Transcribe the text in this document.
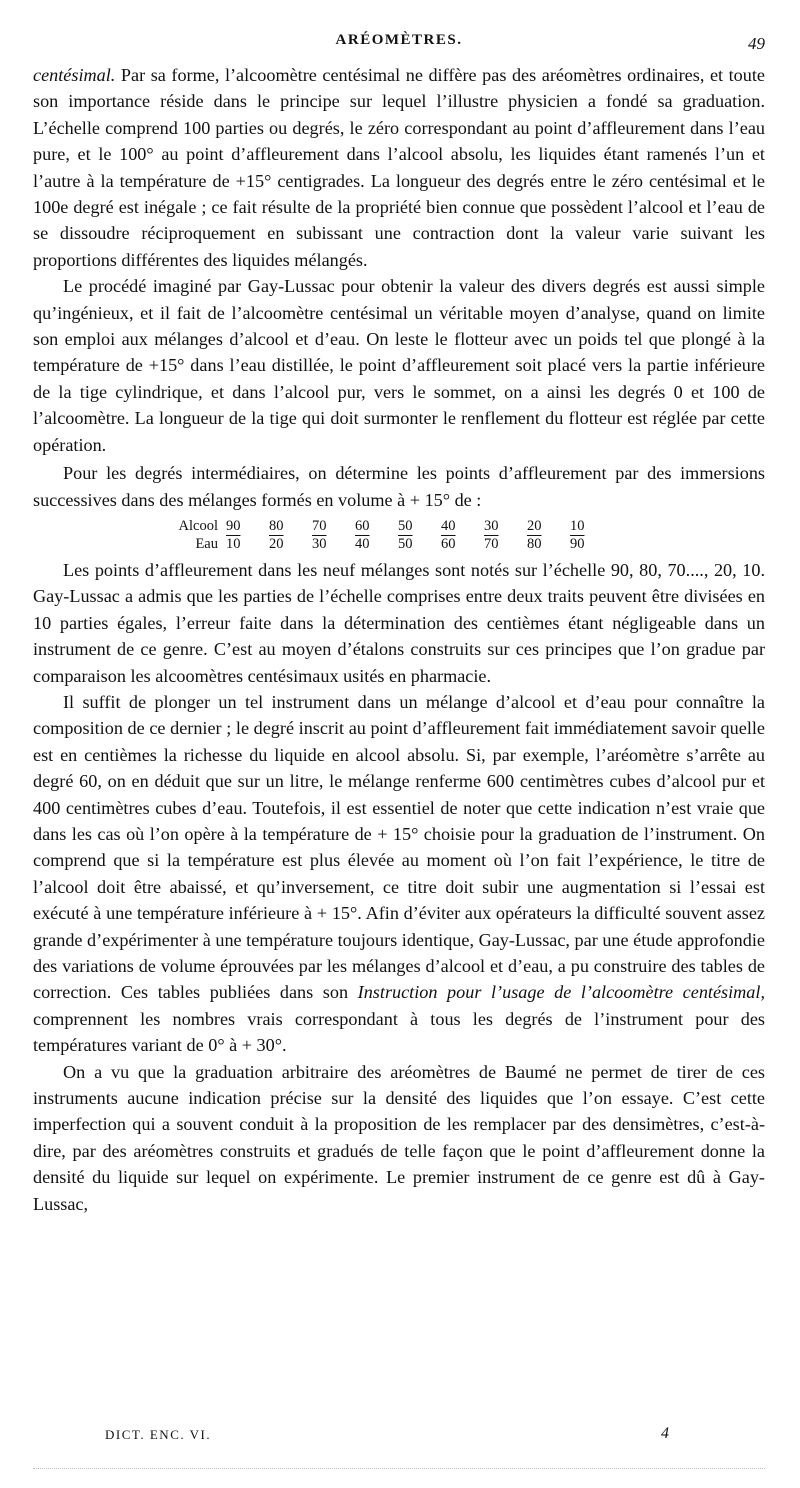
ARÉOMÈTRES.	49

centésimal. Par sa forme, l’alcoomètre centésimal ne diffère pas des aréomètres ordinaires, et toute son importance réside dans le principe sur lequel l’illustre physicien a fondé sa graduation. L’échelle comprend 100 parties ou degrés, le zéro correspondant au point d’affleurement dans l’eau pure, et le 100° au point d’affleurement dans l’alcool absolu, les liquides étant ramenés l’un et l’autre à la température de +15° centigrades. La longueur des degrés entre le zéro centésimal et le 100e degré est inégale ; ce fait résulte de la propriété bien connue que possèdent l’alcool et l’eau de se dissoudre réciproquement en subissant une contraction dont la valeur varie suivant les proportions différentes des liquides mélangés.

Le procédé imaginé par Gay-Lussac pour obtenir la valeur des divers degrés est aussi simple qu’ingénieux, et il fait de l’alcoomètre centésimal un véritable moyen d’analyse, quand on limite son emploi aux mélanges d’alcool et d’eau. On leste le flotteur avec un poids tel que plongé à la température de +15° dans l’eau distillée, le point d’affleurement soit placé vers la partie inférieure de la tige cylindrique, et dans l’alcool pur, vers le sommet, on a ainsi les degrés 0 et 100 de l’alcoomètre. La longueur de la tige qui doit surmonter le renflement du flotteur est réglée par cette opération.

Pour les degrés intermédiaires, on détermine les points d’affleurement par des immersions successives dans des mélanges formés en volume à + 15° de :

Alcool 90	80	70	60	50	40	30	20	10
Eau 10	20	30	40	50	60	70	80	90

Les points d’affleurement dans les neuf mélanges sont notés sur l’échelle 90, 80, 70...., 20, 10. Gay-Lussac a admis que les parties de l’échelle comprises entre deux traits peuvent être divisées en 10 parties égales, l’erreur faite dans la détermination des centièmes étant négligeable dans un instrument de ce genre. C’est au moyen d’étalons construits sur ces principes que l’on gradue par comparaison les alcoomètres centésimaux usités en pharmacie.

Il suffit de plonger un tel instrument dans un mélange d’alcool et d’eau pour connaître la composition de ce dernier ; le degré inscrit au point d’affleurement fait immédiatement savoir quelle est en centièmes la richesse du liquide en alcool absolu. Si, par exemple, l’aréomètre s’arrête au degré 60, on en déduit que sur un litre, le mélange renferme 600 centimètres cubes d’alcool pur et 400 centimètres cubes d’eau. Toutefois, il est essentiel de noter que cette indication n’est vraie que dans les cas où l’on opère à la température de + 15° choisie pour la graduation de l’instrument. On comprend que si la température est plus élevée au moment où l’on fait l’expérience, le titre de l’alcool doit être abaissé, et qu’inversement, ce titre doit subir une augmentation si l’essai est exécuté à une température inférieure à + 15°. Afin d’éviter aux opérateurs la difficulté souvent assez grande d’expérimenter à une température toujours identique, Gay-Lussac, par une étude approfondie des variations de volume éprouvées par les mélanges d’alcool et d’eau, a pu construire des tables de correction. Ces tables publiées dans son Instruction pour l’usage de l’alcoomètre centésimal, comprennent les nombres vrais correspondant à tous les degrés de l’instrument pour des températures variant de 0° à + 30°.

On a vu que la graduation arbitraire des aréomètres de Baumé ne permet de tirer de ces instruments aucune indication précise sur la densité des liquides que l’on essaye. C’est cette imperfection qui a souvent conduit à la proposition de les remplacer par des densimètres, c’est-à-dire, par des aréomètres construits et gradués de telle façon que le point d’affleurement donne la densité du liquide sur lequel on expérimente. Le premier instrument de ce genre est dû à Gay-Lussac,

DICT. ENC. VI.	4
